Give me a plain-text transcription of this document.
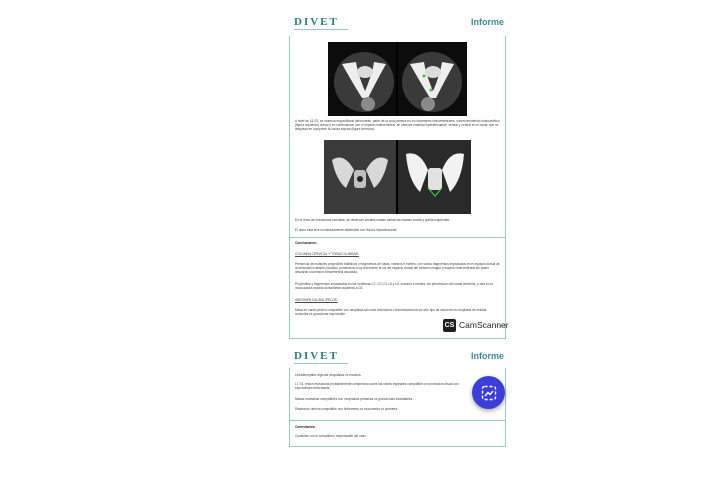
DIVET	Informe
A nivel de L5-S1, se observa espondilosis deformante, parte de la cual penetra en los foramenes intervertebrales, sobrecrecimiento osteoartritico (figura izquierda) dorsal y en continuacion con el espacio intervertebral, se observa material hiperatenuante, ventral y central en el canal, que se desplaza en comprimir la cauda equina (figura derecha).
En el resto de estructuras incluidas, se observan senales masas ostras las mamas cuarta y quinta izquierdas.
El utero esta leve moderadamente distendido con fluidos hipoatenuante.
Conclusiones:
COLUMNA CERVICAL Y TORACOLUMBAR:
Presencia de multiples proyectiles balisticos y fragmentos de balas, craneos e inertes, con varios fragmentos impactados en el espacio dorsal de la articulacion atlanto-occipital, penetrando muy levemente la luz del espacio dorsal del foramen magno y espacio intervertebral sin poder descartar una lesion intravertebral asociada.
Proyectiles y fragmentos impactados en las vertebras C1, C2-C3, L6 y L6, craneos e inertes, sin penetracion del canal vertebral, y otro en la musculatura epaxial dorsolateral izquierda a C5.
ABDOMEN CAUDAL/PELVIS:
Masa en canal pelvico compatible con neoplasia tal como leiomioma o leiomiosarcoma sin otro tipo de sarcoma vs neoplasia de celulas redondas vs granuloma improbable.
CS CamScanner
DIVET	Informe
Linfadenopatia regional neoplasica vs reactiva.
L7-S1: lesion estructural probablemente compresiva sobre las raices espinales compatible con protrusion discal con espondilosis deformante.
Masas mamarias compatibles con neoplasias primarias vs granulomas intaratables.
Distension uterina compatible con hidrometra vs mucometra vs piometra.
Comentarios:
Consultar con el compañero responsable del caso.
